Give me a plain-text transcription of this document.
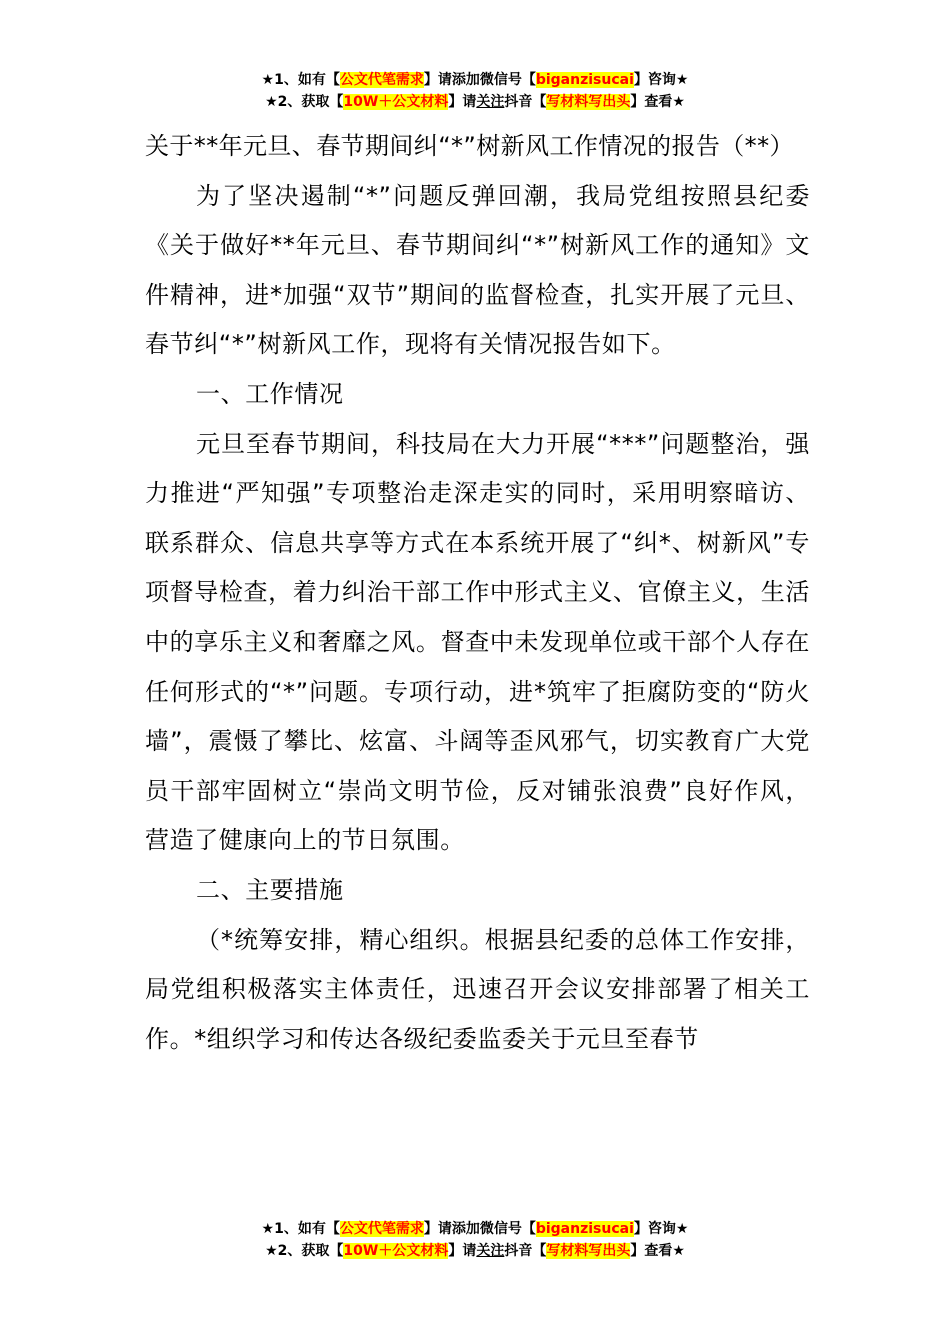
★1、如有【公文代笔需求】请添加微信号【biganzisucai】咨询★
★2、获取【10W＋公文材料】请关注抖音【写材料写出头】查看★

关于**年元旦、春节期间纠“*”树新风工作情况的报告（**）

为了坚决遏制“*”问题反弹回潮，我局党组按照县纪委《关于做好**年元旦、春节期间纠“*”树新风工作的通知》文件精神，进*加强“双节”期间的监督检查，扎实开展了元旦、春节纠“*”树新风工作，现将有关情况报告如下。

一、工作情况

元旦至春节期间，科技局在大力开展“***”问题整治，强力推进“严知强”专项整治走深走实的同时，采用明察暗访、联系群众、信息共享等方式在本系统开展了“纠*、树新风”专项督导检查，着力纠治干部工作中形式主义、官僚主义，生活中的享乐主义和奢靡之风。督查中未发现单位或干部个人存在任何形式的“*”问题。专项行动，进*筑牢了拒腐防变的“防火墙”，震慑了攀比、炫富、斗阔等歪风邪气，切实教育广大党员干部牢固树立“崇尚文明节俭，反对铺张浪费”良好作风，营造了健康向上的节日氛围。

二、主要措施

（*统筹安排，精心组织。根据县纪委的总体工作安排，局党组积极落实主体责任，迅速召开会议安排部署了相关工作。*组织学习和传达各级纪委监委关于元旦至春节

★1、如有【公文代笔需求】请添加微信号【biganzisucai】咨询★
★2、获取【10W＋公文材料】请关注抖音【写材料写出头】查看★
